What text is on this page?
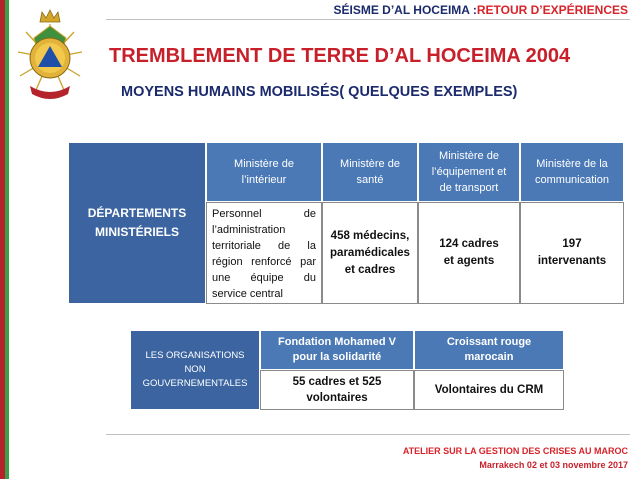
SÉISME D’AL HOCEIMA :RETOUR D’EXPÉRIENCES
TREMBLEMENT DE TERRE D’AL HOCEIMA 2004
MOYENS HUMAINS MOBILISÉS( QUELQUES EXEMPLES)
DÉPARTEMENTS MINISTÉRIELS
Ministère de l’intérieur
Ministère de santé
Ministère de l’équipement et de transport
Ministère de la communication
Personnel de l’administration territoriale de la région renforcé par une équipe du service central
458 médecins, paramédicales et cadres
124 cadres et agents
197 intervenants
LES ORGANISATIONS NON GOUVERNEMENTALES
Fondation Mohamed V pour la solidarité
Croissant rouge marocain
55 cadres et 525 volontaires
Volontaires du CRM
ATELIER SUR LA GESTION DES CRISES AU MAROC
Marrakech 02 et 03 novembre 2017
